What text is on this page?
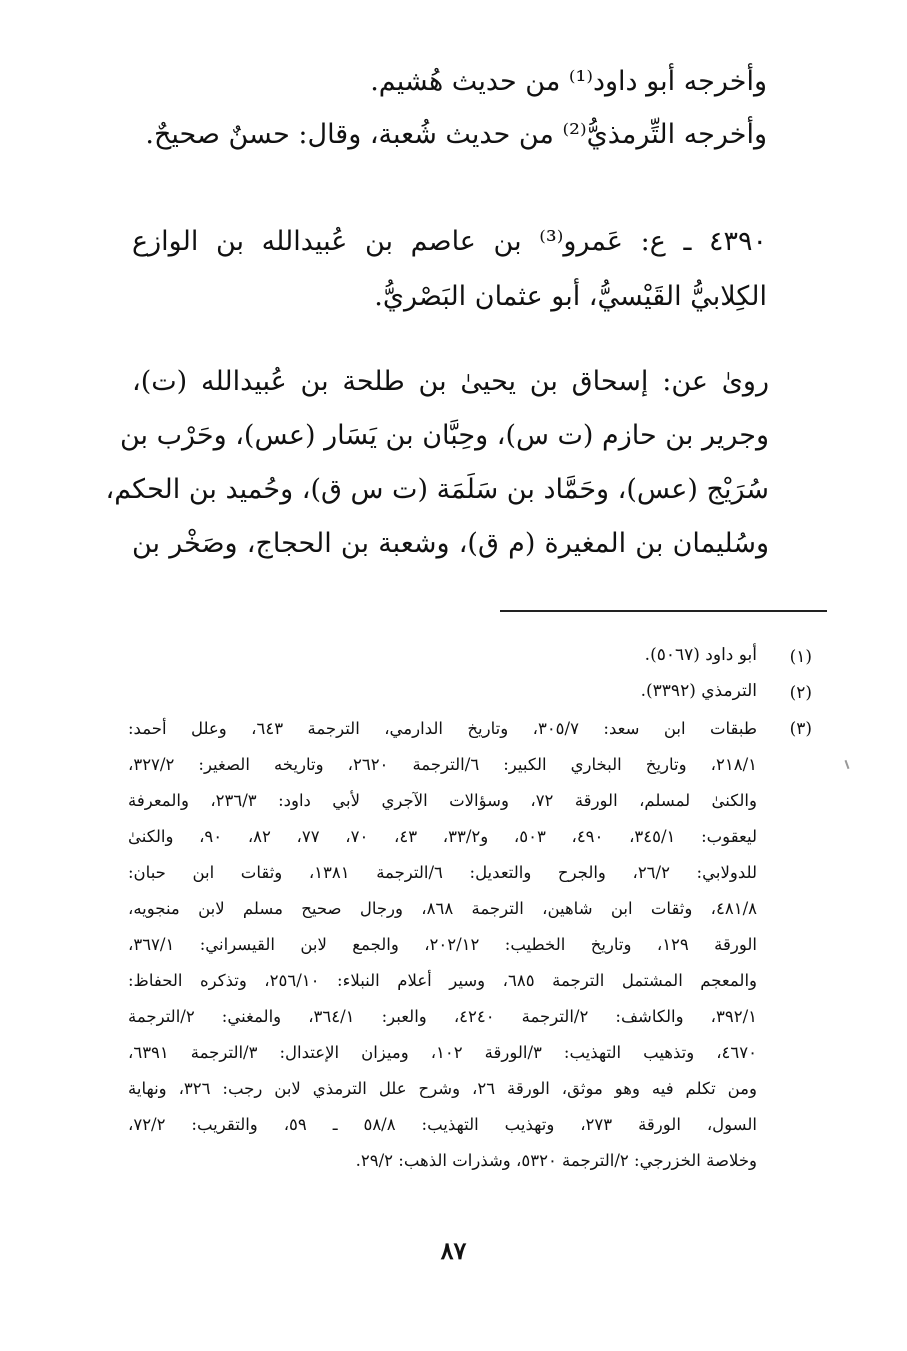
وأخرجه أبو داود⁽¹⁾ من حديث هُشيم.
وأخرجه التِّرمذيُّ⁽²⁾ من حديث شُعبة، وقال: حسنٌ صحيحٌ.
٤٣٩٠ ـ ع: عَمرو⁽³⁾ بن عاصم بن عُبيدالله بن الوازع
الكِلابيُّ القَيْسيُّ، أبو عثمان البَصْريُّ.
روىٰ عن: إسحاق بن يحيىٰ بن طلحة بن عُبيدالله (ت)،
وجرير بن حازم (ت س)، وحِبَّان بن يَسَار (عس)، وحَرْب بن
سُرَيْج (عس)، وحَمَّاد بن سَلَمَة (ت س ق)، وحُميد بن الحكم،
وسُليمان بن المغيرة (م ق)، وشعبة بن الحجاج، وصَخْر بن
(١)
أبو داود (٥٠٦٧).
(٢)
الترمذي (٣٣٩٢).
(٣)
طبقات ابن سعد: ٣٠٥/٧، وتاريخ الدارمي، الترجمة ٦٤٣، وعلل أحمد:
٢١٨/١، وتاريخ البخاري الكبير: ٦/الترجمة ٢٦٢٠، وتاريخه الصغير: ٣٢٧/٢،
والكنىٰ لمسلم، الورقة ٧٢، وسؤالات الآجري لأبي داود: ٢٣٦/٣، والمعرفة
ليعقوب: ٣٤٥/١، ٤٩٠، ٥٠٣، و٣٣/٢، ٤٣، ٧٠، ٧٧، ٨٢، ٩٠، والكنىٰ
للدولابي: ٢٦/٢، والجرح والتعديل: ٦/الترجمة ١٣٨١، وثقات ابن حبان:
٤٨١/٨، وثقات ابن شاهين، الترجمة ٨٦٨، ورجال صحيح مسلم لابن منجويه،
الورقة ١٢٩، وتاريخ الخطيب: ٢٠٢/١٢، والجمع لابن القيسراني: ٣٦٧/١،
والمعجم المشتمل الترجمة ٦٨٥، وسير أعلام النبلاء: ٢٥٦/١٠، وتذكره الحفاظ:
٣٩٢/١، والكاشف: ٢/الترجمة ٤٢٤٠، والعبر: ٣٦٤/١، والمغني: ٢/الترجمة
٤٦٧٠، وتذهيب التهذيب: ٣/الورقة ١٠٢، وميزان الإعتدال: ٣/الترجمة ٦٣٩١،
ومن تكلم فيه وهو موثق، الورقة ٢٦، وشرح علل الترمذي لابن رجب: ٣٢٦، ونهاية
السول، الورقة ٢٧٣، وتهذيب التهذيب: ٥٨/٨ ـ ٥٩، والتقريب: ٧٢/٢،
وخلاصة الخزرجي: ٢/الترجمة ٥٣٢٠، وشذرات الذهب: ٢٩/٢.
٨٧
